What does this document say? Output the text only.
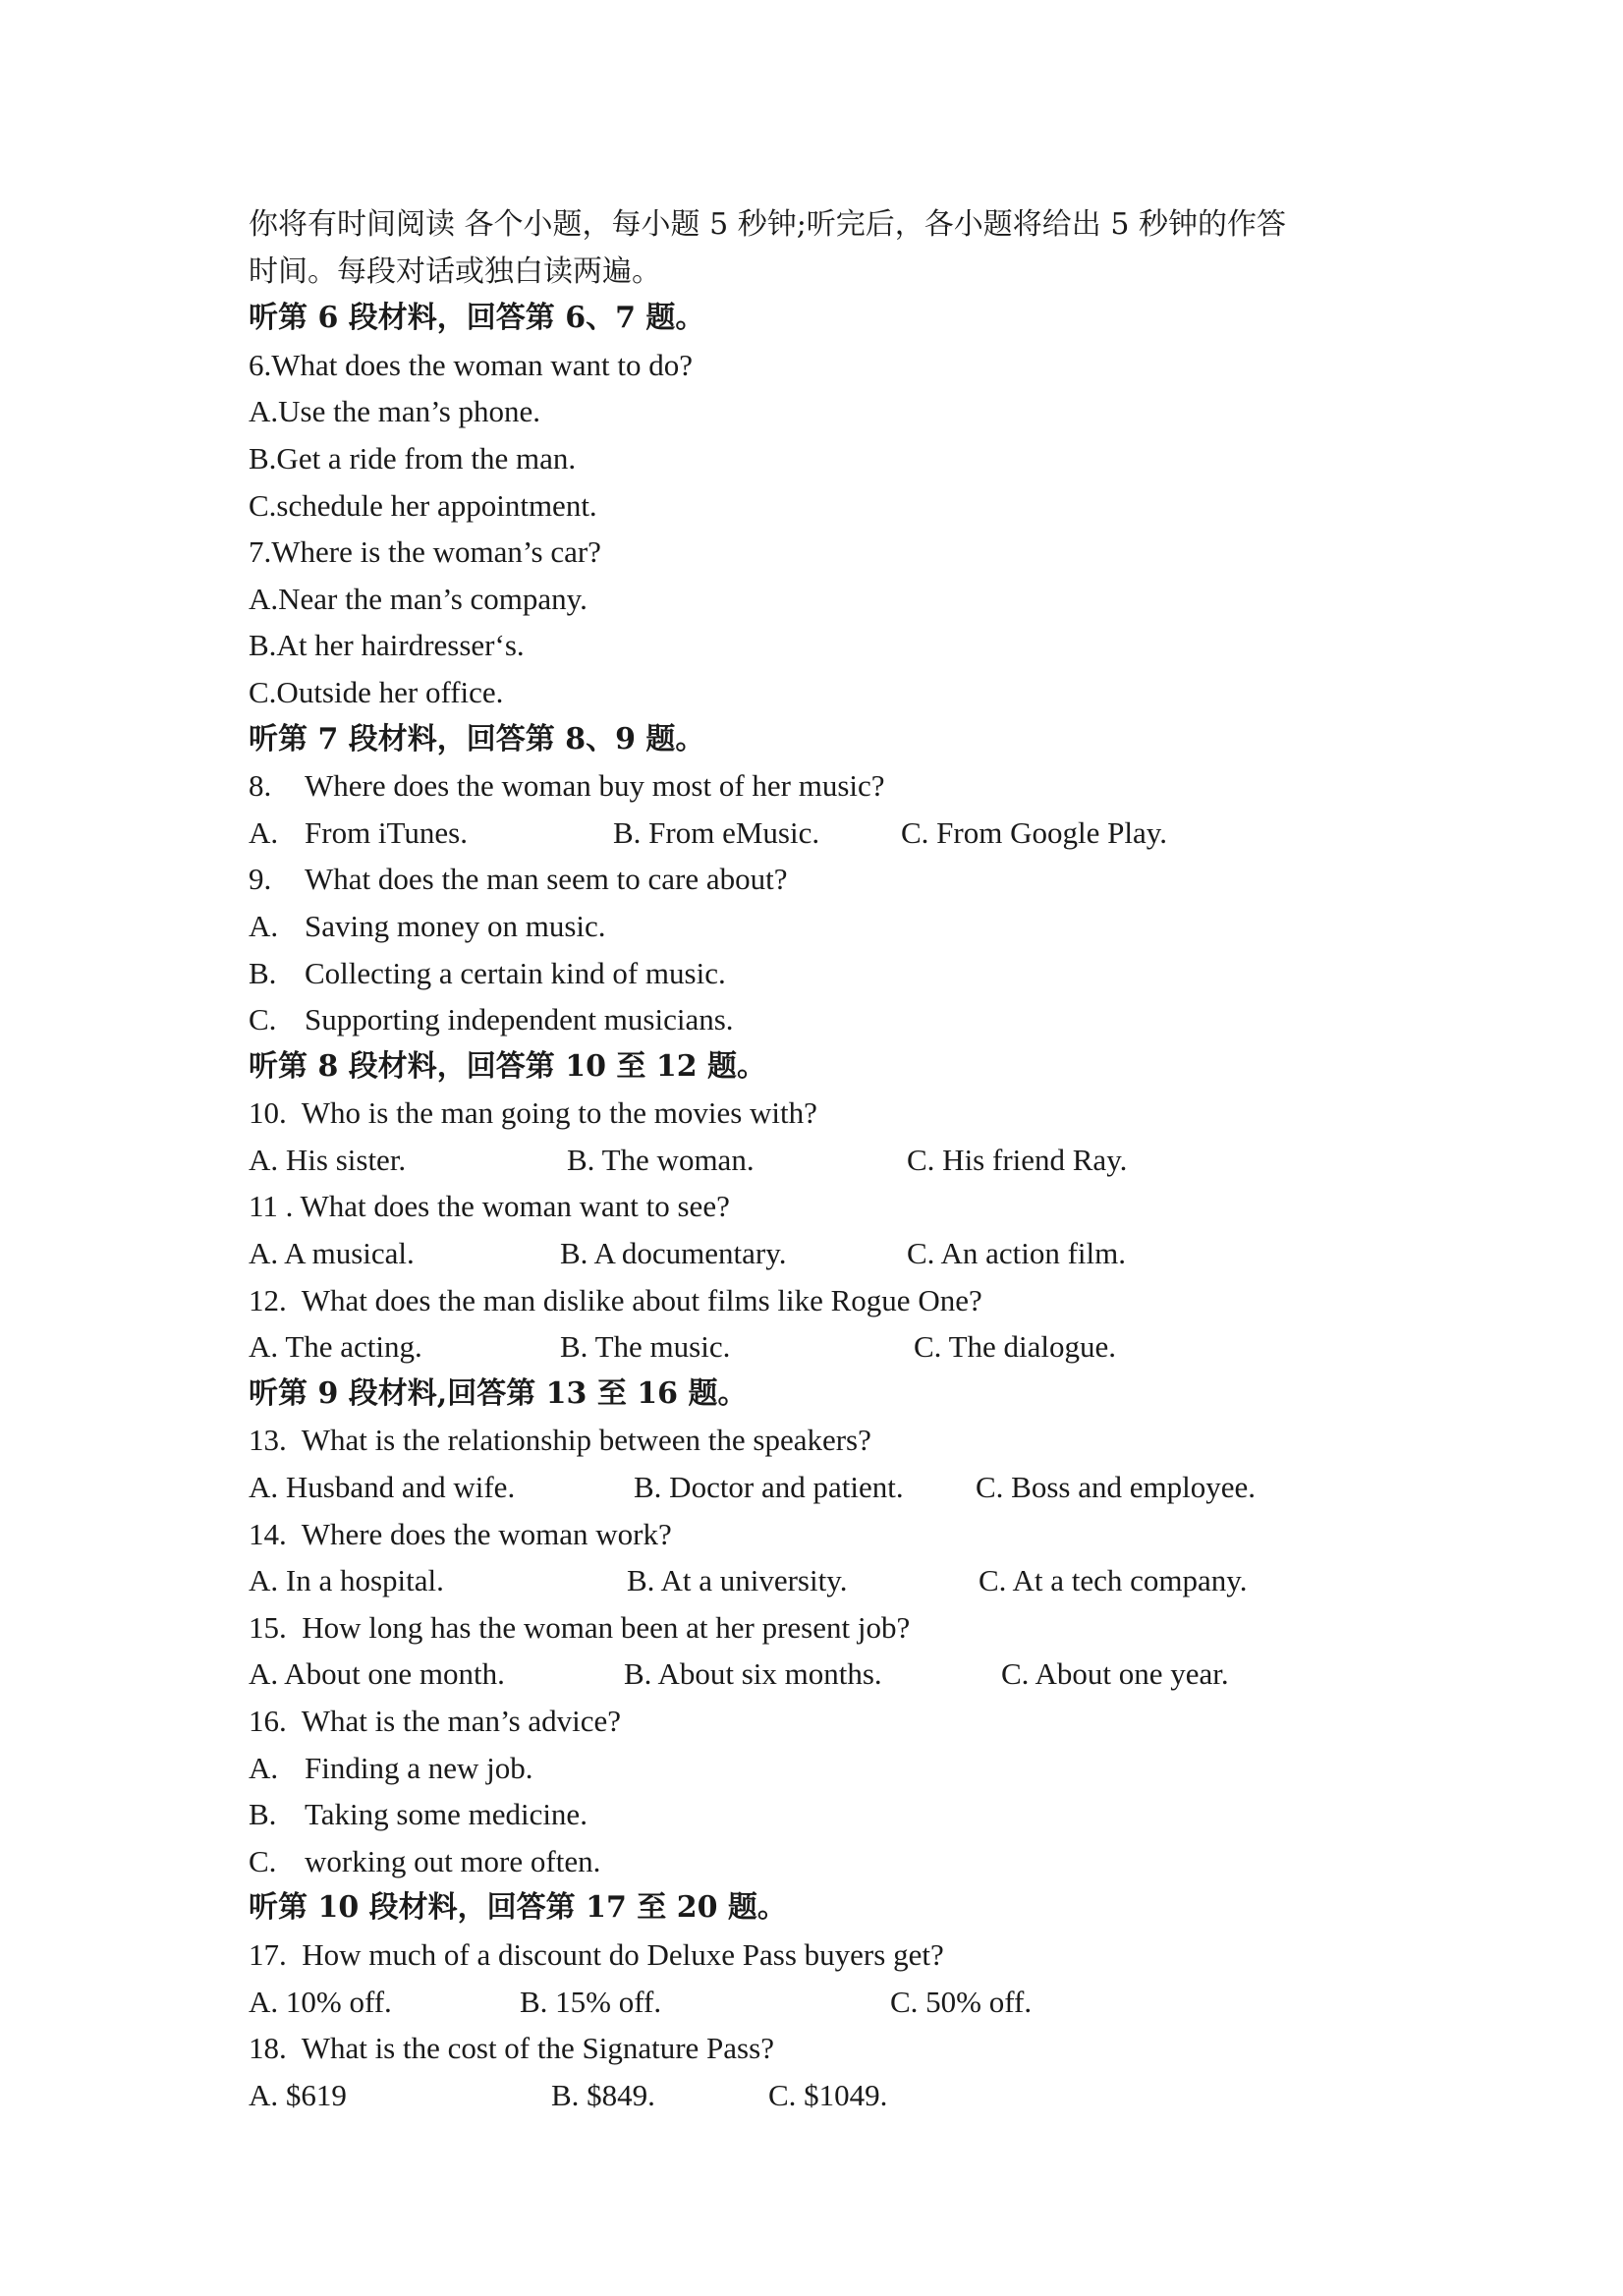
你将有时间阅读 各个小题，每小题 5 秒钟;听完后，各小题将给出 5 秒钟的作答
时间。每段对话或独白读两遍。
听第 6 段材料，回答第 6、7 题。
6.What does the woman want to do?
A.Use the man’s phone.
B.Get a ride from the man.
C.schedule her appointment.
7.Where is the woman’s car?
A.Near the man’s company.
B.At her hairdresser‘s.
C.Outside her office.
听第 7 段材料，回答第 8、9 题。
8. Where does the woman buy most of her music?
A. From iTunes.	B. From eMusic.	C. From Google Play.
9. What does the man seem to care about?
A. Saving money on music.
B. Collecting a certain kind of music.
C. Supporting independent musicians.
听第 8 段材料，回答第 10 至 12 题。
10.  Who is the man going to the movies with?
A. His sister.	B. The woman.	C. His friend Ray.
11 . What does the woman want to see?
A. A musical.	B. A documentary.	C. An action film.
12.  What does the man dislike about films like Rogue One?
A. The acting.	B. The music.	C. The dialogue.
听第 9 段材料,回答第 13 至 16 题。
13.  What is the relationship between the speakers?
A. Husband and wife.	B. Doctor and patient. C. Boss and employee.
14.  Where does the woman work?
A. In a hospital.	B. At a university.	C. At a tech company.
15.  How long has the woman been at her present job?
A. About one month.	B. About six months.	C. About one year.
16.  What is the man’s advice?
A. Finding a new job.
B. Taking some medicine.
C. working out more often.
听第 10 段材料，回答第 17 至 20 题。
17.  How much of a discount do Deluxe Pass buyers get?
A. 10% off.	B. 15% off.	C. 50% off.
18.  What is the cost of the Signature Pass?
A. $619	B. $849.	C. $1049.
